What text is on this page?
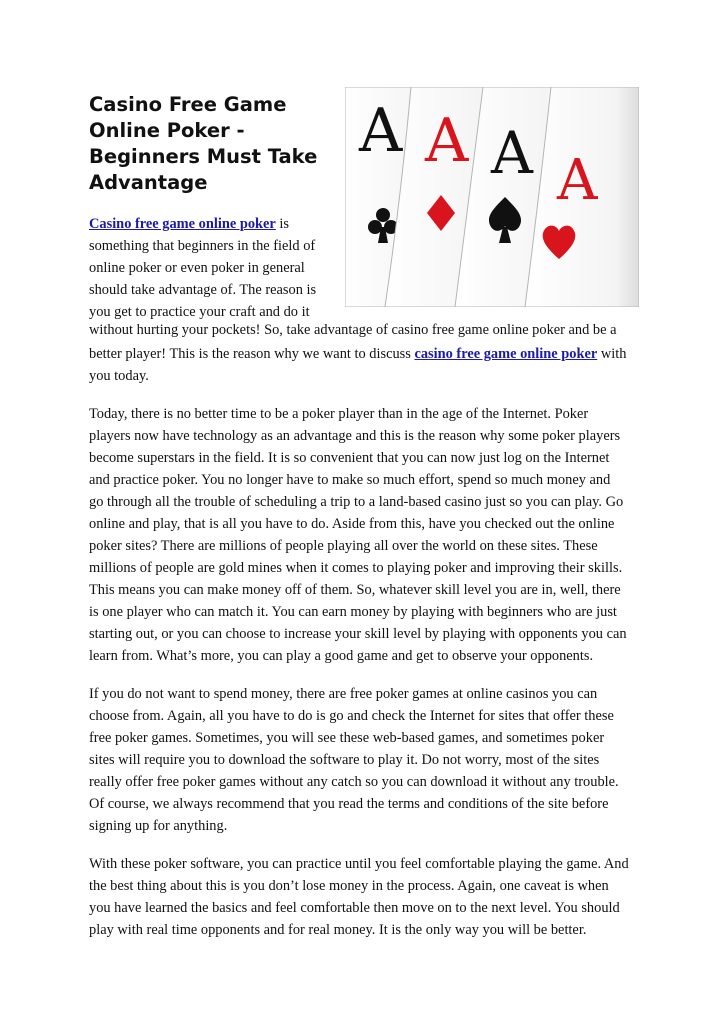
Casino Free Game
Online Poker -
Beginners Must Take
Advantage
A A A A
Casino free game online poker is
something that beginners in the field of
online poker or even poker in general
should take advantage of. The reason is
you get to practice your craft and do it
without hurting your pockets! So, take advantage of casino free game online poker and be a
better player! This is the reason why we want to discuss casino free game online poker with
you today.
Today, there is no better time to be a poker player than in the age of the Internet. Poker
players now have technology as an advantage and this is the reason why some poker players
become superstars in the field. It is so convenient that you can now just log on the Internet
and practice poker. You no longer have to make so much effort, spend so much money and
go through all the trouble of scheduling a trip to a land-based casino just so you can play. Go
online and play, that is all you have to do. Aside from this, have you checked out the online
poker sites? There are millions of people playing all over the world on these sites. These
millions of people are gold mines when it comes to playing poker and improving their skills.
This means you can make money off of them. So, whatever skill level you are in, well, there
is one player who can match it. You can earn money by playing with beginners who are just
starting out, or you can choose to increase your skill level by playing with opponents you can
learn from. What’s more, you can play a good game and get to observe your opponents.
If you do not want to spend money, there are free poker games at online casinos you can
choose from. Again, all you have to do is go and check the Internet for sites that offer these
free poker games. Sometimes, you will see these web-based games, and sometimes poker
sites will require you to download the software to play it. Do not worry, most of the sites
really offer free poker games without any catch so you can download it without any trouble.
Of course, we always recommend that you read the terms and conditions of the site before
signing up for anything.
With these poker software, you can practice until you feel comfortable playing the game. And
the best thing about this is you don’t lose money in the process. Again, one caveat is when
you have learned the basics and feel comfortable then move on to the next level. You should
play with real time opponents and for real money. It is the only way you will be better.
